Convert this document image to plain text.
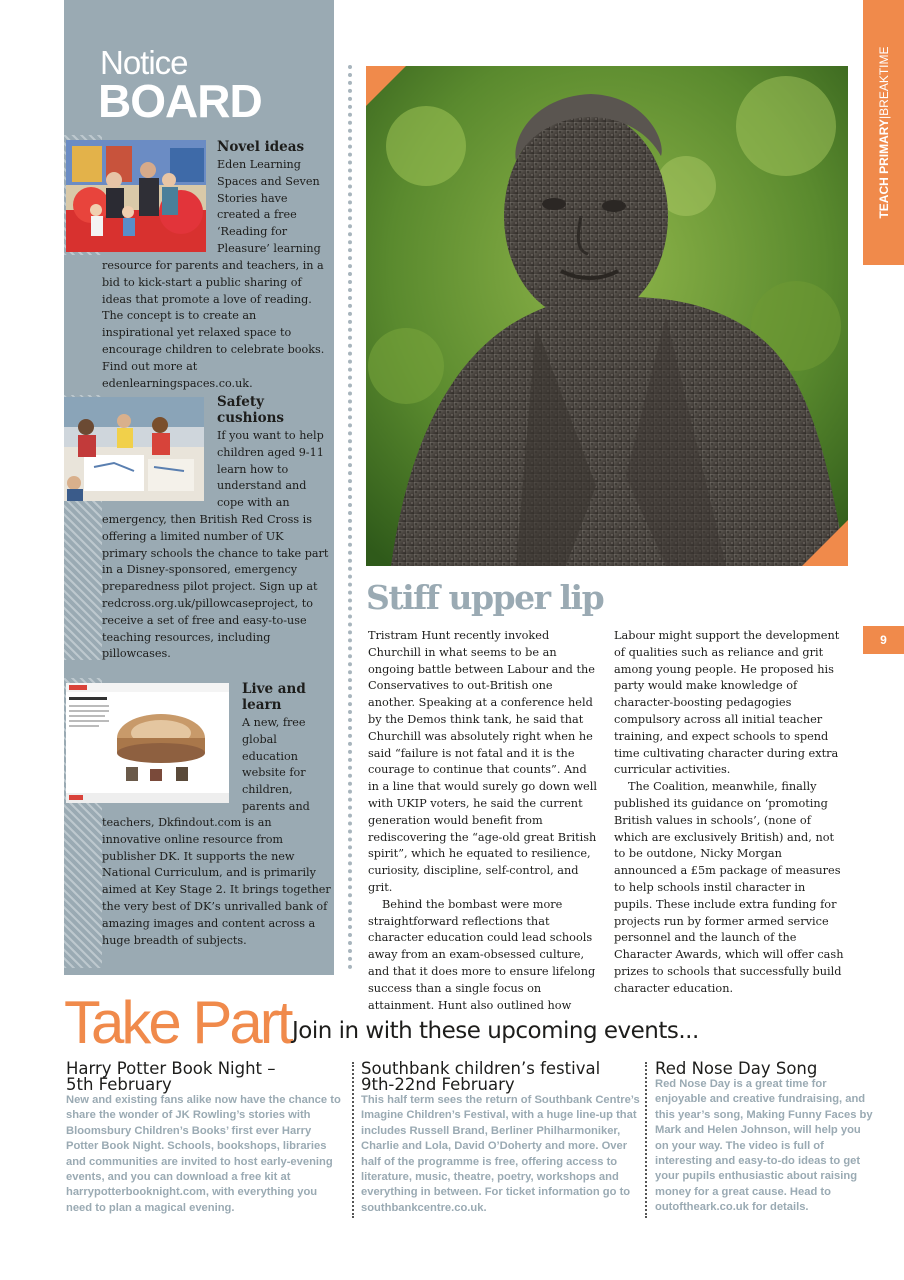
TEACH PRIMARY
|
BREAKTIME
9
Notice
BOARD
Novel ideas
Eden Learning Spaces and Seven Stories have created a free ‘Reading for Pleasure’ learning
resource for parents and teachers, in a bid to kick-start a public sharing of ideas that promote a love of reading. The concept is to create an inspirational yet relaxed space to encourage children to celebrate books. Find out more at edenlearningspaces.co.uk.
Safety cushions
If you want to help children aged 9-11 learn how to understand and cope with an
emergency, then British Red Cross is offering a limited number of UK primary schools the chance to take part in a Disney-sponsored, emergency preparedness pilot project. Sign up at redcross.org.uk/pillowcaseproject, to receive a set of free and easy-to-use teaching resources, including pillowcases.
Live and learn
A new, free global education website for children, parents and
teachers, Dkfindout.com is an innovative online resource from publisher DK. It supports the new National Curriculum, and is primarily aimed at Key Stage 2. It brings together the very best of DK’s unrivalled bank of amazing images and content across a huge breadth of subjects.
Stiff upper lip

Tristram Hunt recently invoked Churchill in what seems to be an ongoing battle between Labour and the Conservatives to out-British one another. Speaking at a conference held by the Demos think tank, he said that Churchill was absolutely right when he said “failure is not fatal and it is the courage to continue that counts”. And in a line that would surely go down well with UKIP voters, he said the current generation would benefit from rediscovering the “age-old great British spirit”, which he equated to resilience, curiosity, discipline, self-control, and grit.

Behind the bombast were more straightforward reflections that character education could lead schools away from an exam-obsessed culture, and that it does more to ensure lifelong success than a single focus on attainment. Hunt also outlined how

Labour might support the development of qualities such as reliance and grit among young people. He proposed his party would make knowledge of character-boosting pedagogies compulsory across all initial teacher training, and expect schools to spend time cultivating character during extra curricular activities.

The Coalition, meanwhile, finally published its guidance on ‘promoting British values in schools’, (none of which are exclusively British) and, not to be outdone, Nicky Morgan announced a £5m package of measures to help schools instil character in pupils. These include extra funding for projects run by former armed service personnel and the launch of the Character Awards, which will offer cash prizes to schools that successfully build character education.

Take Part Join in with these upcoming events...
Harry Potter Book Night –
5th February
New and existing fans alike now have the chance to share the wonder of JK Rowling’s stories with Bloomsbury Children’s Books’ first ever Harry Potter Book Night. Schools, bookshops, libraries and communities are invited to host early-evening events, and you can download a free kit at harrypotterbooknight.com, with everything you need to plan a magical evening.
Southbank children’s festival
9th-22nd February
This half term sees the return of Southbank Centre’s Imagine Children’s Festival, with a huge line-up that includes Russell Brand, Berliner Philharmoniker, Charlie and Lola, David O’Doherty and more. Over half of the programme is free, offering access to literature, music, theatre, poetry, workshops and everything in between. For ticket information go to southbankcentre.co.uk.
Red Nose Day Song
Red Nose Day is a great time for enjoyable and creative fundraising, and this year’s song, Making Funny Faces by Mark and Helen Johnson, will help you on your way. The video is full of interesting and easy-to-do ideas to get your pupils enthusiastic about raising money for a great cause. Head to outoftheark.co.uk for details.
